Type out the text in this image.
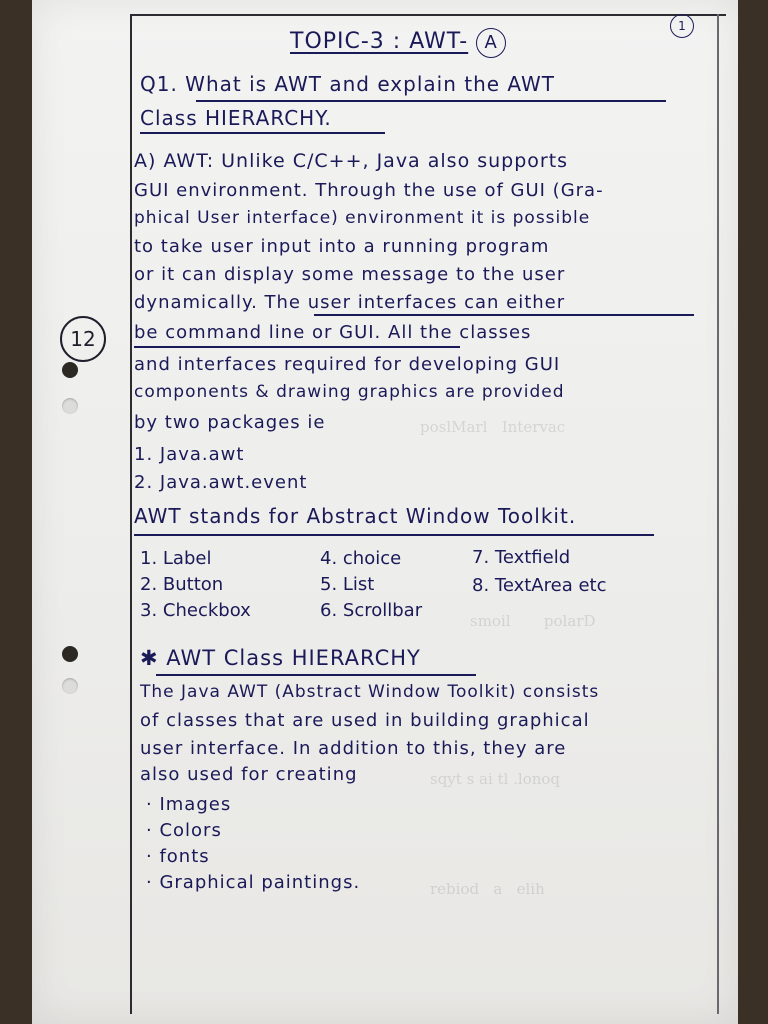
12
1
poslMarl   Intervac
smoil       polarD
sqyt s ai tl .lonoq
rebiod   a   elih
TOPIC-3 : AWT- A
Q1. What is AWT and explain the AWT
Class HIERARCHY.
A) AWT: Unlike C/C++, Java also supports
GUI environment. Through the use of GUI (Gra-
phical User interface) environment it is possible
to take user input into a running program
or it can display some message to the user
dynamically. The user interfaces can either
be command line or GUI. All the classes
and interfaces required for developing GUI
components & drawing graphics are provided
by two packages ie
1. Java.awt
2. Java.awt.event
AWT stands for Abstract Window Toolkit.
1. Label
2. Button
3. Checkbox
4. choice
5. List
6. Scrollbar
7. Textfield
8. TextArea etc
✱ AWT Class HIERARCHY
The Java AWT (Abstract Window Toolkit) consists
of classes that are used in building graphical
user interface. In addition to this, they are
also used for creating
· Images
· Colors
· fonts
· Graphical paintings.
